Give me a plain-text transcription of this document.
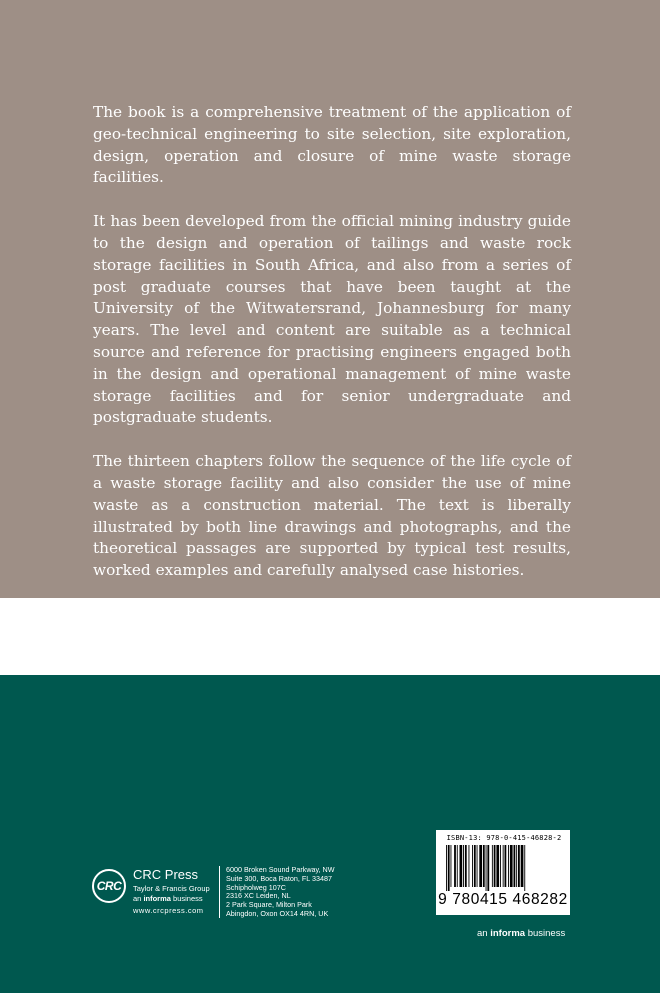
The book is a comprehensive treatment of the application of geo-technical engineering to site selection, site exploration, design, operation and closure of mine waste storage facilities.

It has been developed from the official mining industry guide to the design and operation of tailings and waste rock storage facilities in South Africa, and also from a series of post graduate courses that have been taught at the University of the Witwatersrand, Johannesburg for many years. The level and content are suitable as a technical source and reference for practising engineers engaged both in the design and operational management of mine waste storage facilities and for senior undergraduate and postgraduate students.

The thirteen chapters follow the sequence of the life cycle of a waste storage facility and also consider the use of mine waste as a construction material. The text is liberally illustrated by both line drawings and photographs, and the theoretical passages are supported by typical test results, worked examples and carefully analysed case histories.

CRC
CRC Press
Taylor & Francis Group
an informa business
www.crcpress.com
6000 Broken Sound Parkway, NW
Suite 300, Boca Raton, FL 33487
Schipholweg 107C
2316 XC Leiden, NL
2 Park Square, Milton Park
Abingdon, Oxon OX14 4RN, UK
ISBN-13: 978-0-415-46828-2
9 780415 468282
an informa business
